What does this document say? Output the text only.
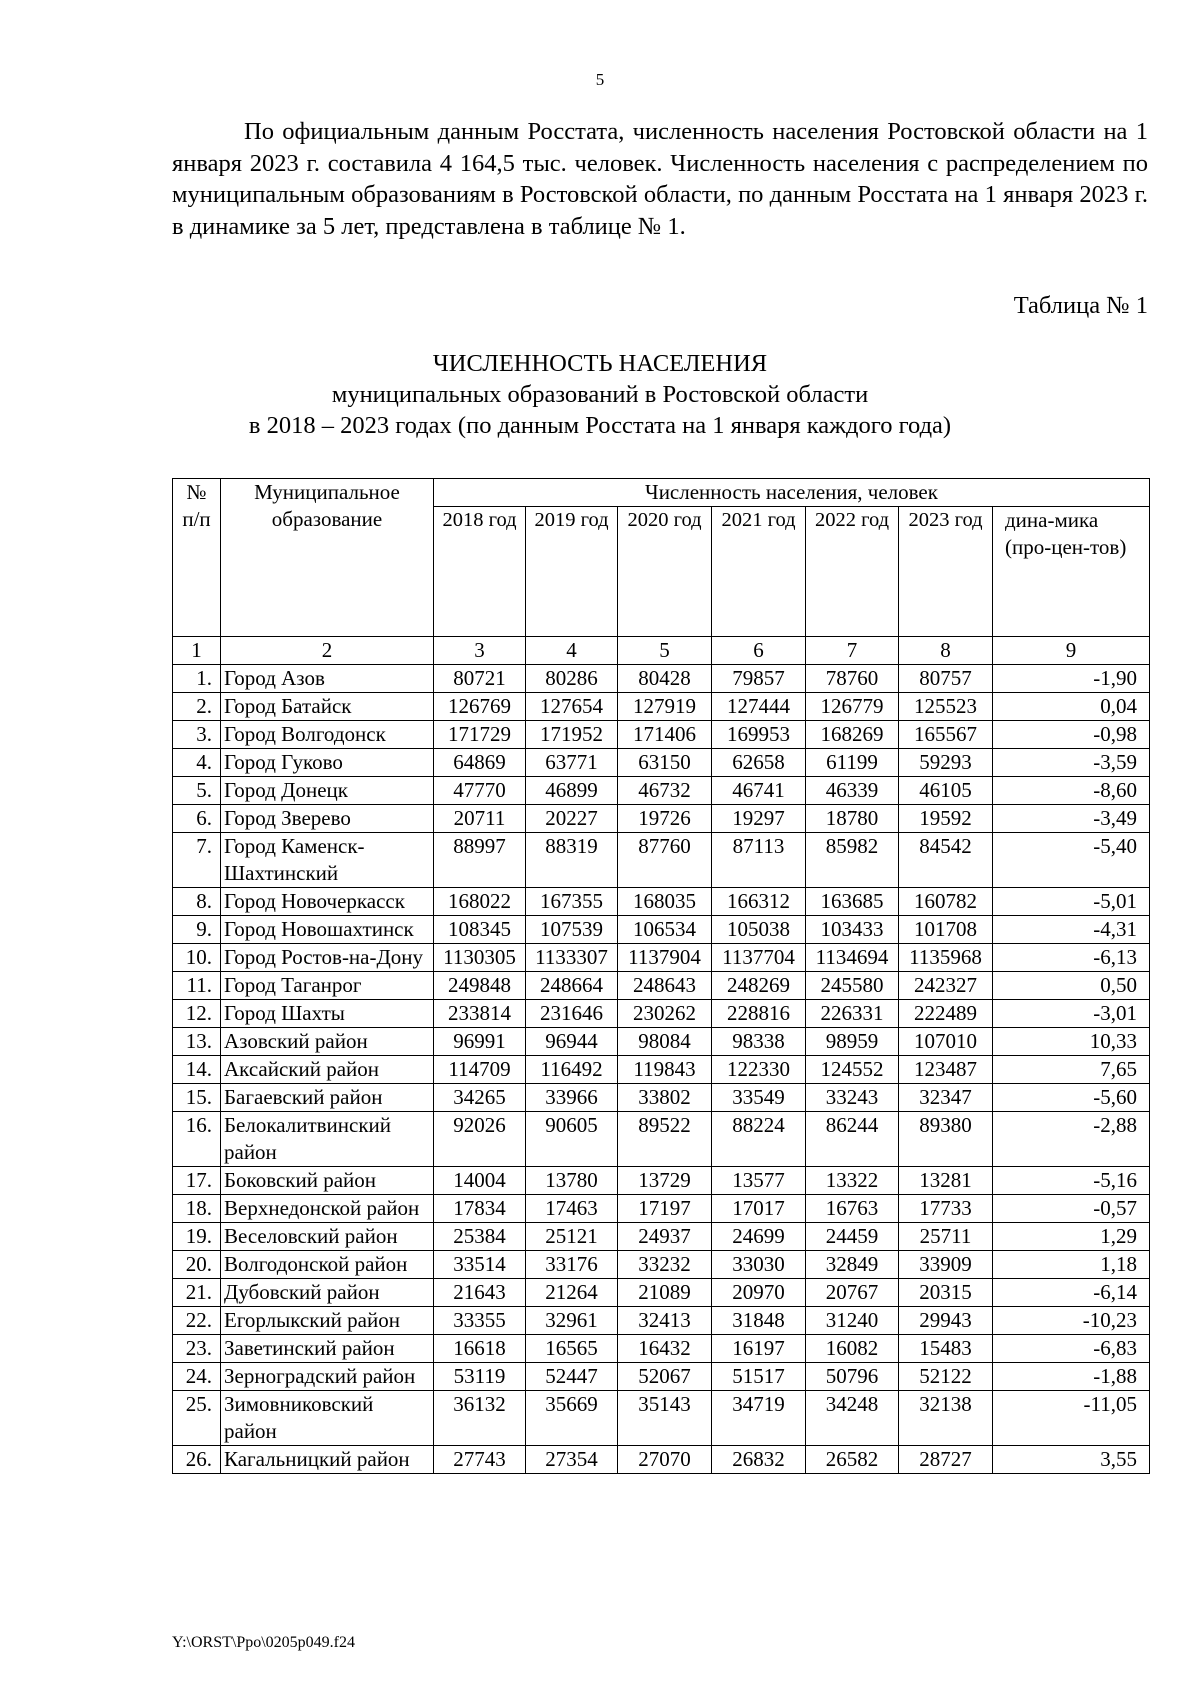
5

По официальным данным Росстата, численность населения Ростовской области на 1 января 2023 г. составила 4 164,5 тыс. человек. Численность населения с распределением по муниципальным образованиям в Ростовской области, по данным Росстата на 1 января 2023 г. в динамике за 5 лет, представлена в таблице № 1.

Таблица № 1
ЧИСЛЕННОСТЬ НАСЕЛЕНИЯ
муниципальных образований в Ростовской области
в 2018 – 2023 годах (по данным Росстата на 1 января каждого года)
№ п/п	Муниципальное образование	Численность населения, человек						
		2018 год	2019 год	2020 год	2021 год	2022 год	2023 год	дина-мика (про-цен-тов)
1	2	3	4	5	6	7	8	9
1.	Город Азов	80721	80286	80428	79857	78760	80757	-1,90
2.	Город Батайск	126769	127654	127919	127444	126779	125523	0,04
3.	Город Волгодонск	171729	171952	171406	169953	168269	165567	-0,98
4.	Город Гуково	64869	63771	63150	62658	61199	59293	-3,59
5.	Город Донецк	47770	46899	46732	46741	46339	46105	-8,60
6.	Город Зверево	20711	20227	19726	19297	18780	19592	-3,49
7.	Город Каменск-Шахтинский	88997	88319	87760	87113	85982	84542	-5,40
8.	Город Новочеркасск	168022	167355	168035	166312	163685	160782	-5,01
9.	Город Новошахтинск	108345	107539	106534	105038	103433	101708	-4,31
10.	Город Ростов-на-Дону	1130305	1133307	1137904	1137704	1134694	1135968	-6,13
11.	Город Таганрог	249848	248664	248643	248269	245580	242327	0,50
12.	Город Шахты	233814	231646	230262	228816	226331	222489	-3,01
13.	Азовский район	96991	96944	98084	98338	98959	107010	10,33
14.	Аксайский район	114709	116492	119843	122330	124552	123487	7,65
15.	Багаевский район	34265	33966	33802	33549	33243	32347	-5,60
16.	Белокалитвинский район	92026	90605	89522	88224	86244	89380	-2,88
17.	Боковский район	14004	13780	13729	13577	13322	13281	-5,16
18.	Верхнедонской район	17834	17463	17197	17017	16763	17733	-0,57
19.	Веселовский район	25384	25121	24937	24699	24459	25711	1,29
20.	Волгодонской район	33514	33176	33232	33030	32849	33909	1,18
21.	Дубовский район	21643	21264	21089	20970	20767	20315	-6,14
22.	Егорлыкский район	33355	32961	32413	31848	31240	29943	-10,23
23.	Заветинский район	16618	16565	16432	16197	16082	15483	-6,83
24.	Зерноградский район	53119	52447	52067	51517	50796	52122	-1,88
25.	Зимовниковский район	36132	35669	35143	34719	34248	32138	-11,05
26.	Кагальницкий район	27743	27354	27070	26832	26582	28727	3,55
Y:\ORST\Ppo\0205p049.f24
